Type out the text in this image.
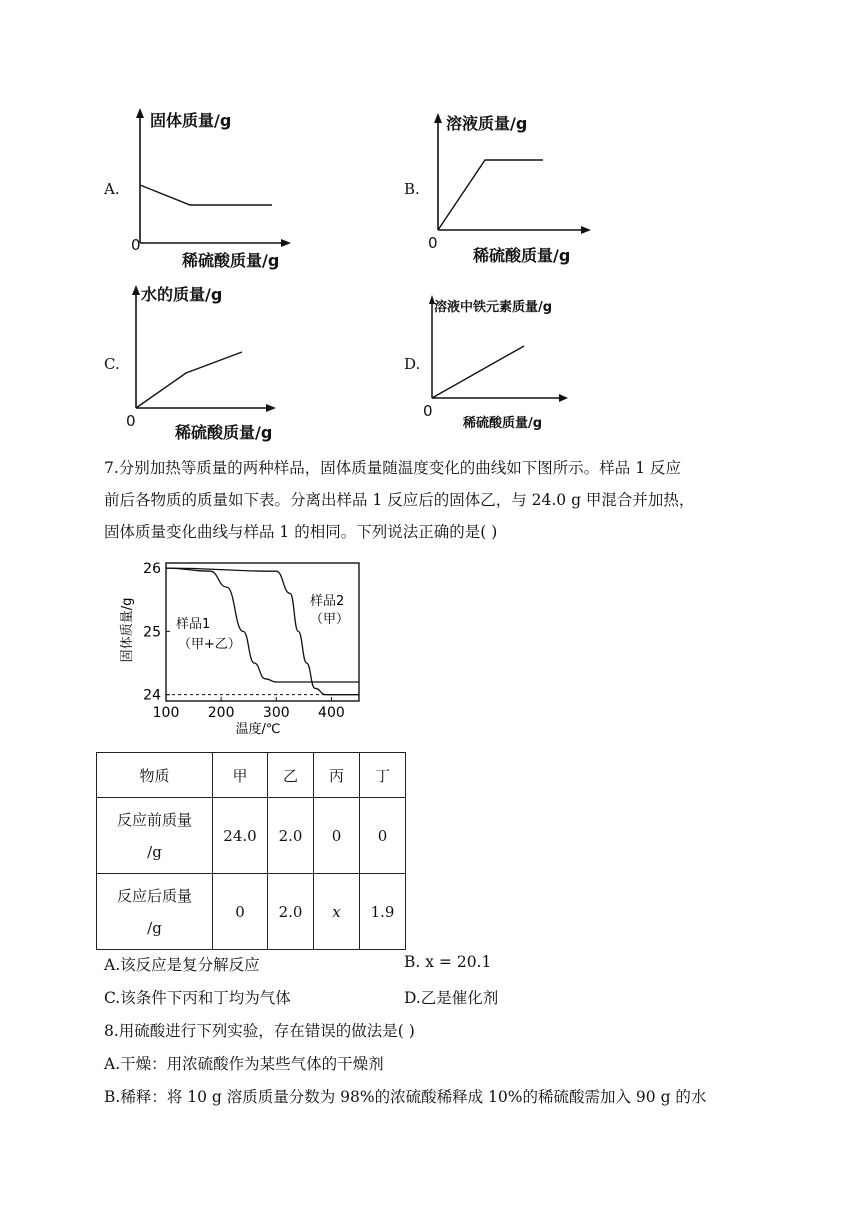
A.
固体质量/g
0
稀硫酸质量/g
B.
溶液质量/g
0
稀硫酸质量/g
C.
水的质量/g
0
稀硫酸质量/g
D.
溶液中铁元素质量/g
0
稀硫酸质量/g
7.分别加热等质量的两种样品，固体质量随温度变化的曲线如下图所示。样品 1 反应
前后各物质的质量如下表。分离出样品 1 反应后的固体乙，与 24.0 g 甲混合并加热，
固体质量变化曲线与样品 1 的相同。下列说法正确的是( )
固体质量/g
温度/℃
样品1
（甲+乙）
样品2
（甲）
24
25
26
100 200 300 400
物质	甲	乙	丙	丁

反应前质量
/g	24.0	2.0	0	0

反应后质量
/g	0	2.0	x	1.9
A.该反应是复分解反应	B. x = 20.1
C.该条件下丙和丁均为气体	D.乙是催化剂
8.用硫酸进行下列实验，存在错误的做法是( )
A.干燥：用浓硫酸作为某些气体的干燥剂
B.稀释：将 10 g 溶质质量分数为 98%的浓硫酸稀释成 10%的稀硫酸需加入 90 g 的水
